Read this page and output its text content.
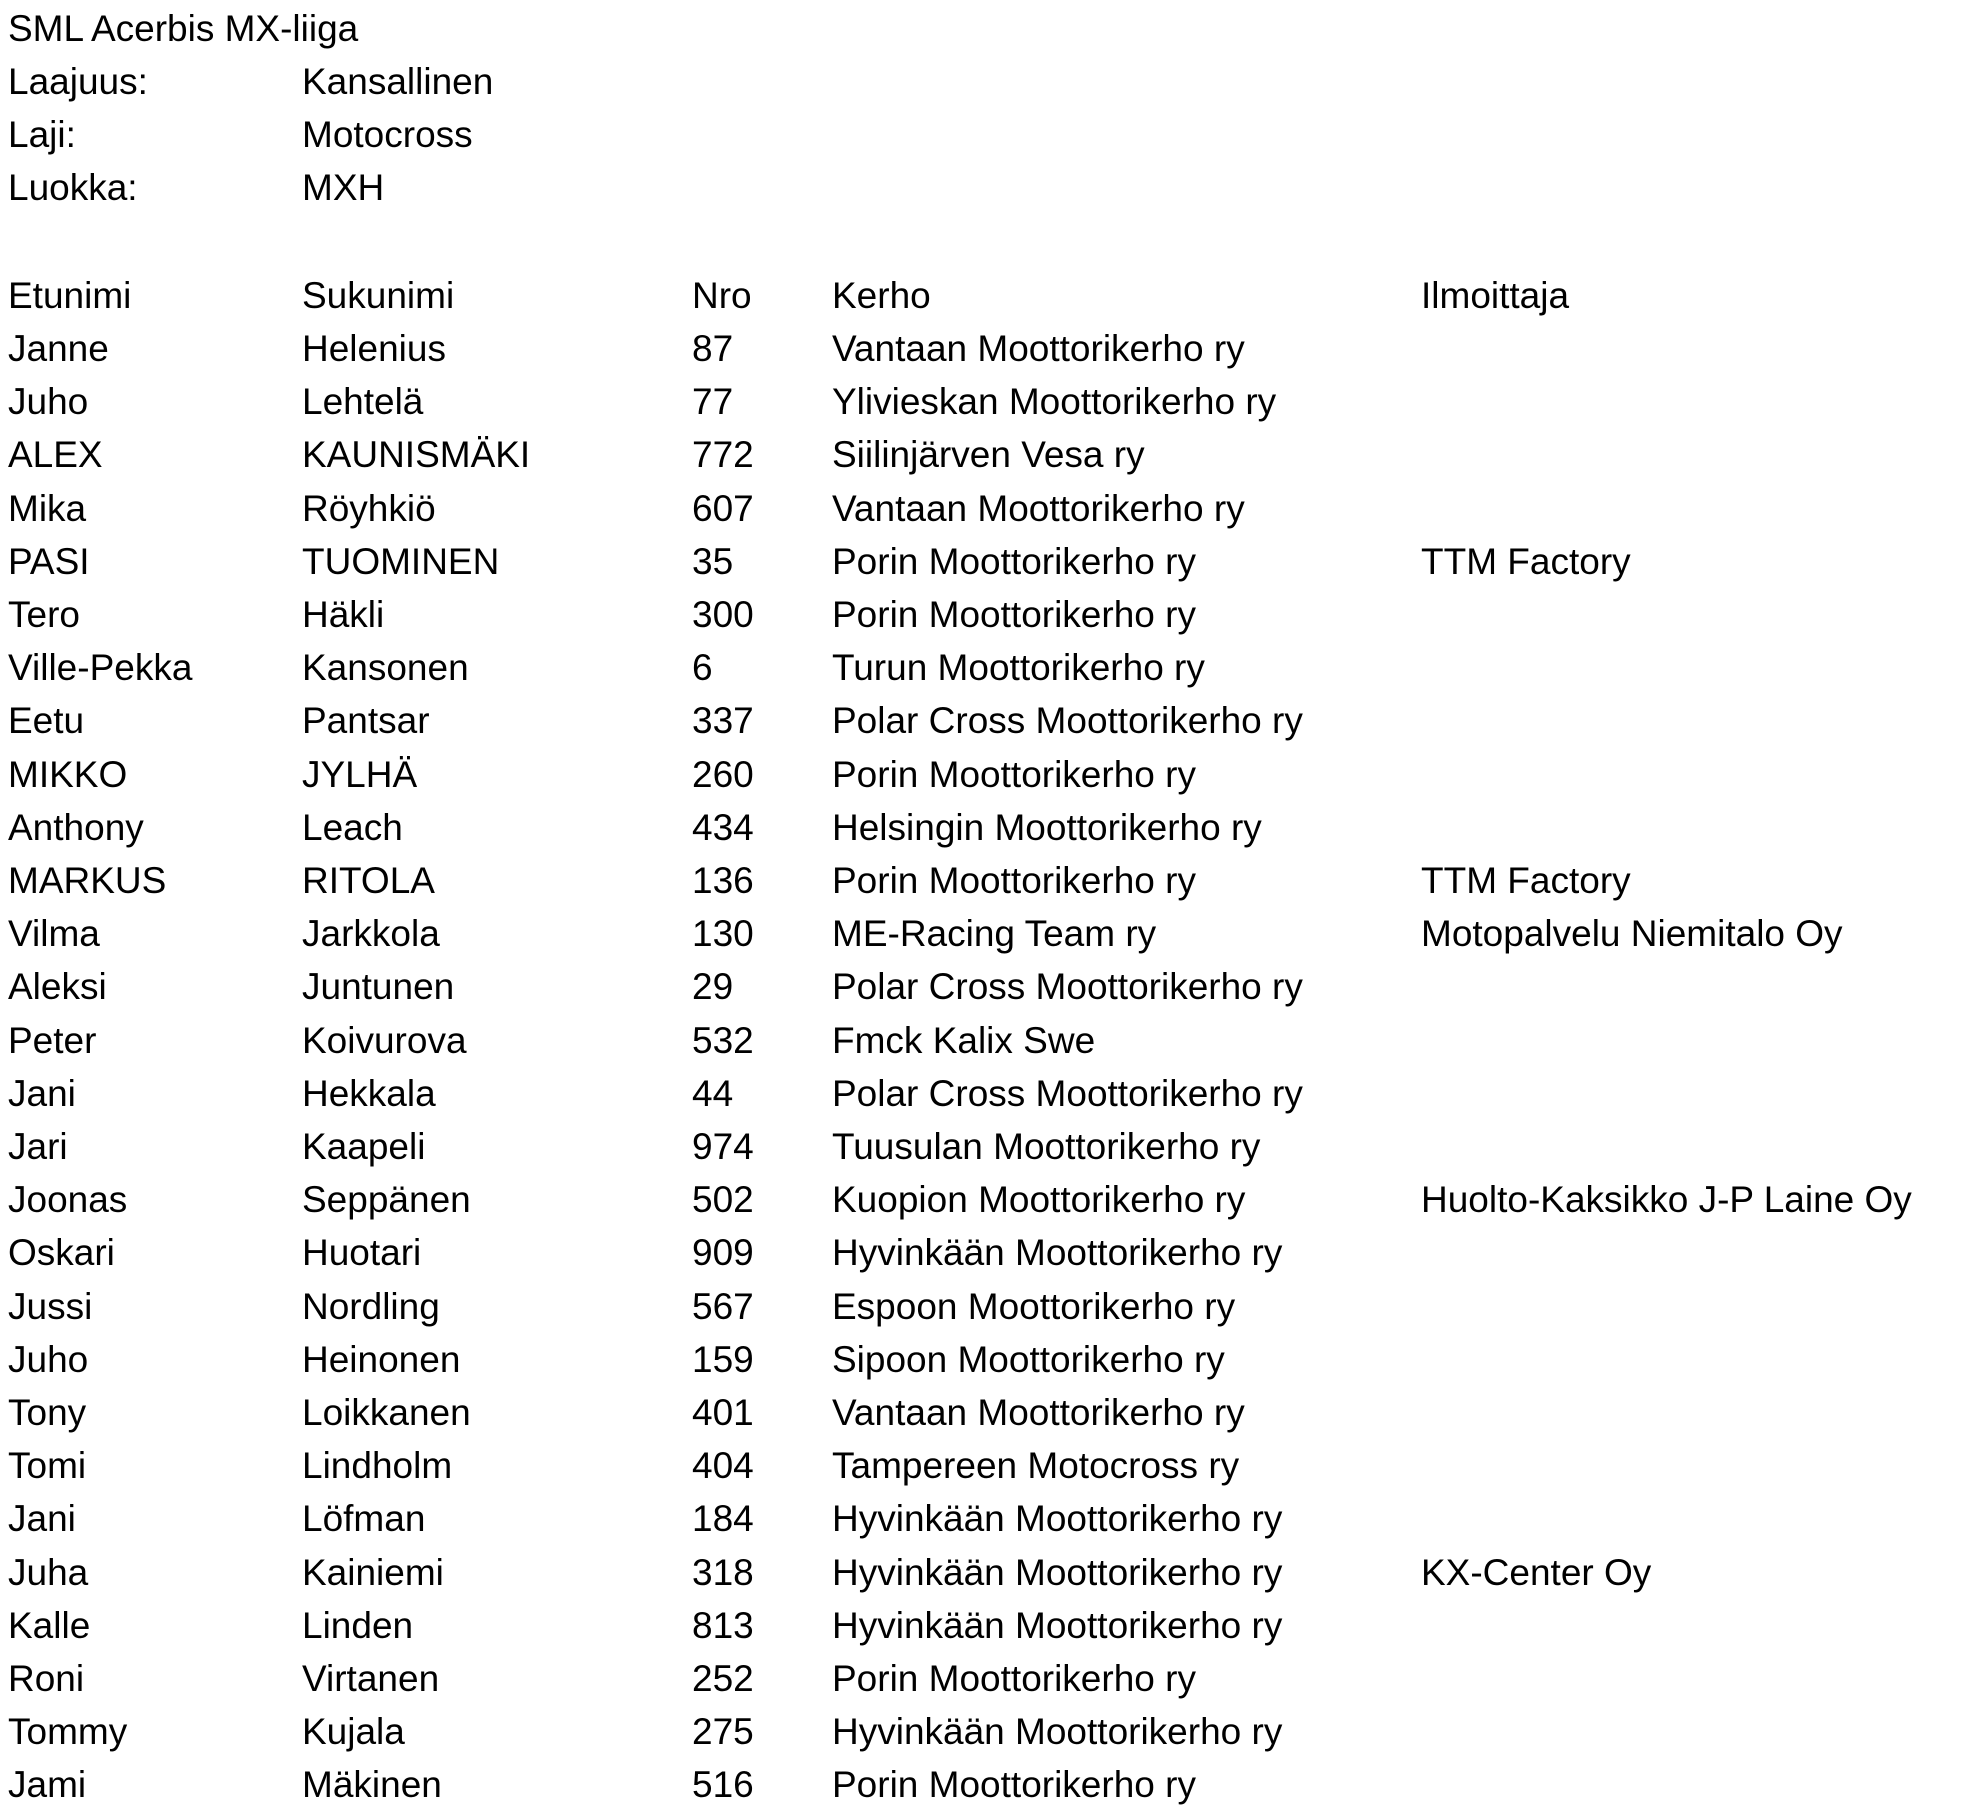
SML Acerbis MX-liiga
Laajuus:	Kansallinen
Laji:	Motocross
Luokka:	MXH
Etunimi	Sukunimi	Nro Kerho	Ilmoittaja
Janne	Helenius	87	Vantaan Moottorikerho ry
Juho	Lehtelä	77	Ylivieskan Moottorikerho ry
ALEX	KAUNISMÄKI	772 Siilinjärven Vesa ry
Mika	Röyhkiö	607 Vantaan Moottorikerho ry
PASI	TUOMINEN	35	Porin Moottorikerho ry	TTM Factory
Tero	Häkli	300 Porin Moottorikerho ry
Ville-Pekka	Kansonen	6	Turun Moottorikerho ry
Eetu	Pantsar	337 Polar Cross Moottorikerho ry
MIKKO	JYLHÄ	260 Porin Moottorikerho ry
Anthony	Leach	434 Helsingin Moottorikerho ry
MARKUS	RITOLA	136 Porin Moottorikerho ry	TTM Factory
Vilma	Jarkkola	130 ME-Racing Team ry	Motopalvelu Niemitalo Oy
Aleksi	Juntunen	29	Polar Cross Moottorikerho ry
Peter	Koivurova	532 Fmck Kalix Swe
Jani	Hekkala	44	Polar Cross Moottorikerho ry
Jari	Kaapeli	974 Tuusulan Moottorikerho ry
Joonas	Seppänen	502 Kuopion Moottorikerho ry	Huolto-Kaksikko J-P Laine Oy
Oskari	Huotari	909 Hyvinkään Moottorikerho ry
Jussi	Nordling	567 Espoon Moottorikerho ry
Juho	Heinonen	159 Sipoon Moottorikerho ry
Tony	Loikkanen	401 Vantaan Moottorikerho ry
Tomi	Lindholm	404 Tampereen Motocross ry
Jani	Löfman	184 Hyvinkään Moottorikerho ry
Juha	Kainiemi	318 Hyvinkään Moottorikerho ry	KX-Center Oy
Kalle	Linden	813 Hyvinkään Moottorikerho ry
Roni	Virtanen	252 Porin Moottorikerho ry
Tommy	Kujala	275 Hyvinkään Moottorikerho ry
Jami	Mäkinen	516 Porin Moottorikerho ry
